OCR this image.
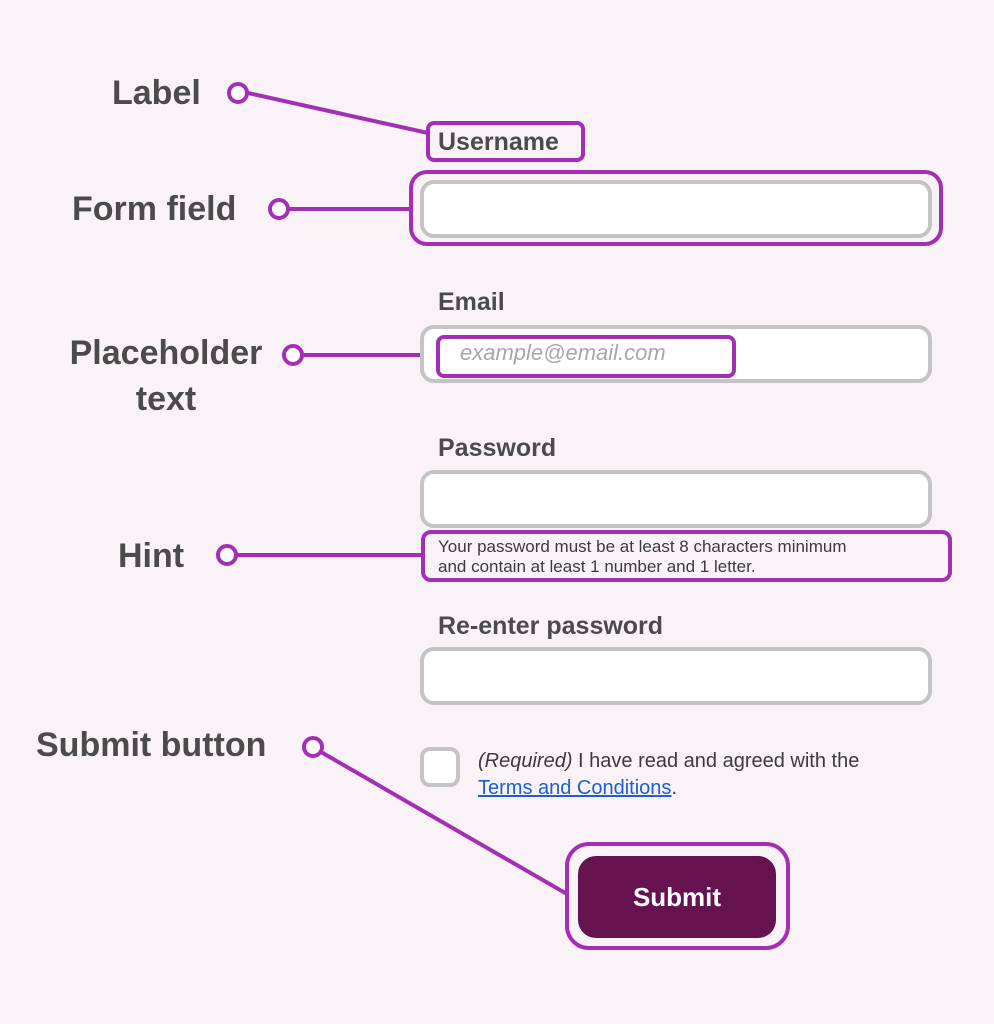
Label
Form field
Placeholder text
Hint
Submit button
Username
Email
example@email.com
Password
Your password must be at least 8 characters minimum
and contain at least 1 number and 1 letter.
Re-enter password
(Required) I have read and agreed with the
Terms and Conditions.
Submit
